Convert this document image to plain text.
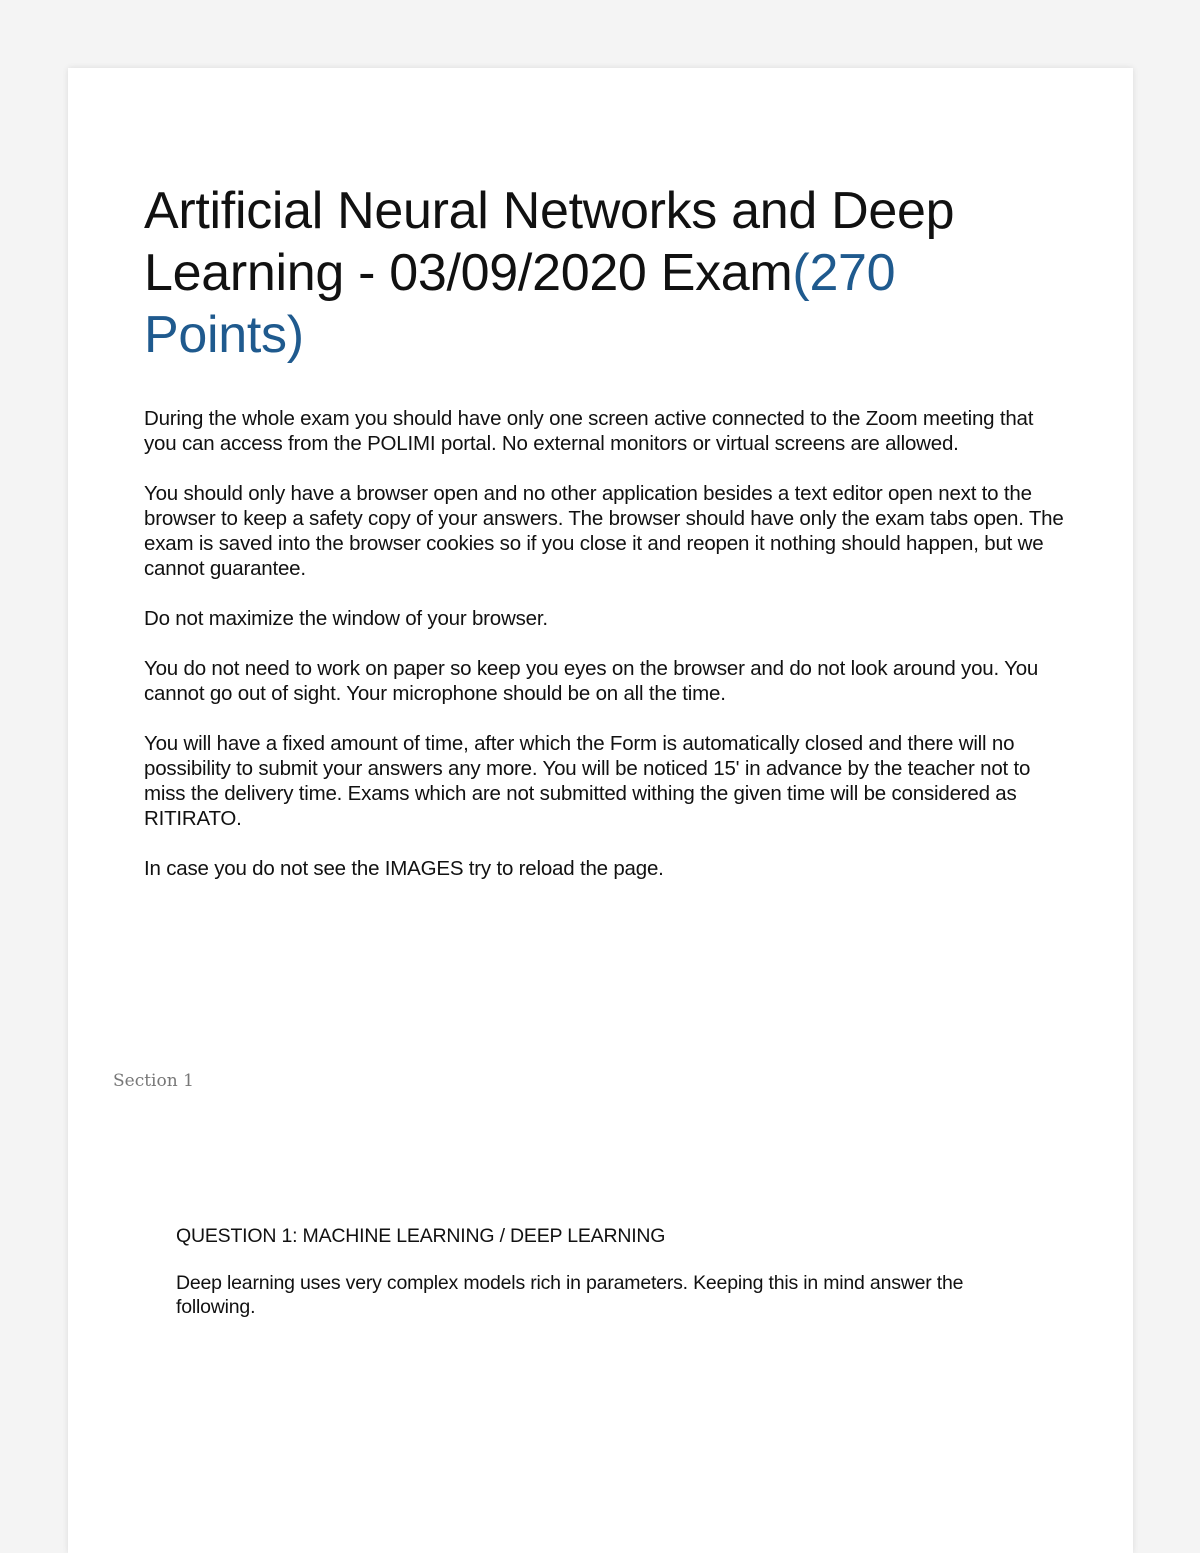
Artificial Neural Networks and Deep Learning - 03/09/2020 Exam(270 Points)

During the whole exam you should have only one screen active connected to the Zoom meeting that you can access from the POLIMI portal. No external monitors or virtual screens are allowed.

You should only have a browser open and no other application besides a text editor open next to the browser to keep a safety copy of your answers. The browser should have only the exam tabs open. The exam is saved into the browser cookies so if you close it and reopen it nothing should happen, but we cannot guarantee.

Do not maximize the window of your browser.

You do not need to work on paper so keep you eyes on the browser and do not look around you. You cannot go out of sight. Your microphone should be on all the time.

You will have a fixed amount of time, after which the Form is automatically closed and there will no possibility to submit your answers any more. You will be noticed 15' in advance by the teacher not to miss the delivery time. Exams which are not submitted withing the given time will be considered as RITIRATO.

In case you do not see the IMAGES try to reload the page.

Section 1

QUESTION 1: MACHINE LEARNING / DEEP LEARNING

Deep learning uses very complex models rich in parameters. Keeping this in mind answer the following.
